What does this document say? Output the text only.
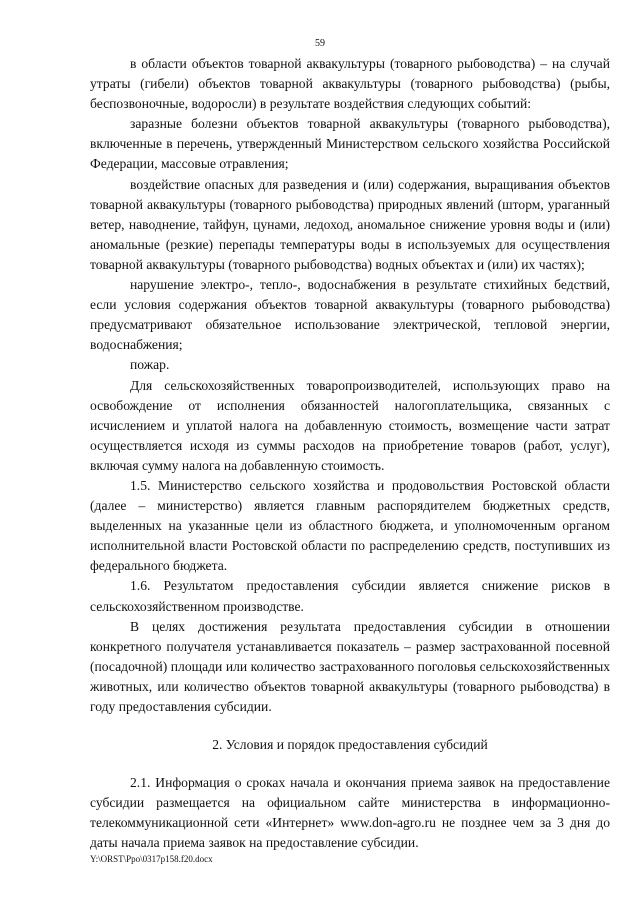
59

в области объектов товарной аквакультуры (товарного рыбоводства) – на случай утраты (гибели) объектов товарной аквакультуры (товарного рыбоводства) (рыбы, беспозвоночные, водоросли) в результате воздействия следующих событий:

заразные болезни объектов товарной аквакультуры (товарного рыбоводства), включенные в перечень, утвержденный Министерством сельского хозяйства Российской Федерации, массовые отравления;

воздействие опасных для разведения и (или) содержания, выращивания объектов товарной аквакультуры (товарного рыбоводства) природных явлений (шторм, ураганный ветер, наводнение, тайфун, цунами, ледоход, аномальное снижение уровня воды и (или) аномальные (резкие) перепады температуры воды в используемых для осуществления товарной аквакультуры (товарного рыбоводства) водных объектах и (или) их частях);

нарушение электро-, тепло-, водоснабжения в результате стихийных бедствий, если условия содержания объектов товарной аквакультуры (товарного рыбоводства) предусматривают обязательное использование электрической, тепловой энергии, водоснабжения;

пожар.

Для сельскохозяйственных товаропроизводителей, использующих право на освобождение от исполнения обязанностей налогоплательщика, связанных с исчислением и уплатой налога на добавленную стоимость, возмещение части затрат осуществляется исходя из суммы расходов на приобретение товаров (работ, услуг), включая сумму налога на добавленную стоимость.

1.5. Министерство сельского хозяйства и продовольствия Ростовской области (далее – министерство) является главным распорядителем бюджетных средств, выделенных на указанные цели из областного бюджета, и уполномоченным органом исполнительной власти Ростовской области по распределению средств, поступивших из федерального бюджета.

1.6. Результатом предоставления субсидии является снижение рисков в сельскохозяйственном производстве.

В целях достижения результата предоставления субсидии в отношении конкретного получателя устанавливается показатель – размер застрахованной посевной (посадочной) площади или количество застрахованного поголовья сельскохозяйственных животных, или количество объектов товарной аквакультуры (товарного рыбоводства) в году предоставления субсидии.

2. Условия и порядок предоставления субсидий

2.1. Информация о сроках начала и окончания приема заявок на предоставление субсидии размещается на официальном сайте министерства в информационно-телекоммуникационной сети «Интернет» www.don-agro.ru не позднее чем за 3 дня до даты начала приема заявок на предоставление субсидии.

Y:\ORST\Ppo\0317p158.f20.docx
